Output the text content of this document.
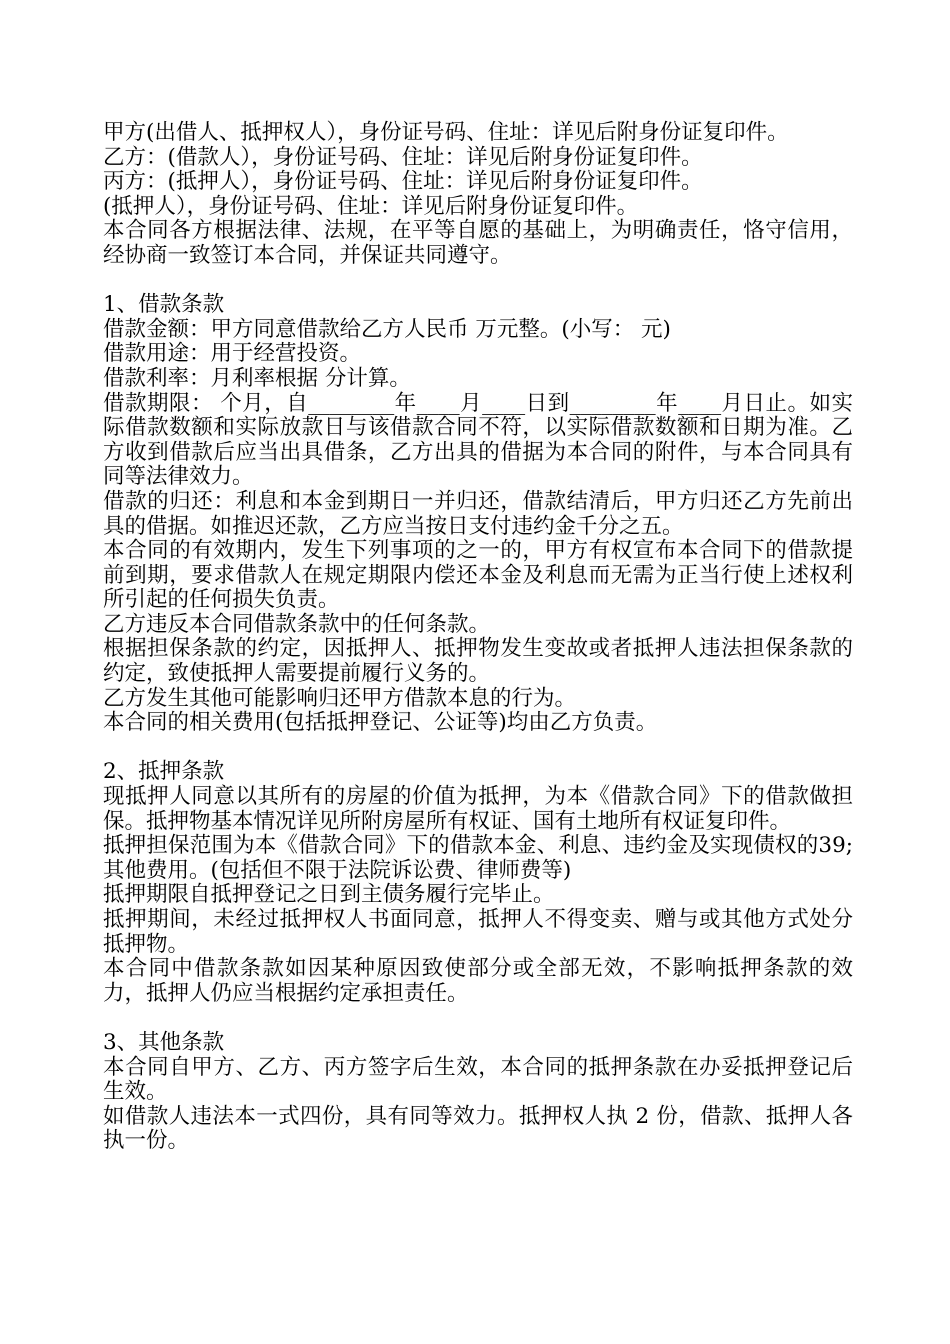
甲方(出借人、抵押权人），身份证号码、住址：详见后附身份证复印件。

乙方：(借款人），身份证号码、住址：详见后附身份证复印件。

丙方：(抵押人），身份证号码、住址：详见后附身份证复印件。

(抵押人），身份证号码、住址：详见后附身份证复印件。

本合同各方根据法律、法规，在平等自愿的基础上，为明确责任，恪守信用，经协商一致签订本合同，并保证共同遵守。

1、借款条款

借款金额：甲方同意借款给乙方人民币 万元整。(小写： 元)

借款用途：用于经营投资。

借款利率：月利率根据 分计算。

借款期限： 个月，自________年____月____日到________年____月日止。如实际借款数额和实际放款日与该借款合同不符，以实际借款数额和日期为准。乙方收到借款后应当出具借条，乙方出具的借据为本合同的附件，与本合同具有同等法律效力。

借款的归还：利息和本金到期日一并归还，借款结清后，甲方归还乙方先前出具的借据。如推迟还款，乙方应当按日支付违约金千分之五。

本合同的有效期内，发生下列事项的之一的，甲方有权宣布本合同下的借款提前到期，要求借款人在规定期限内偿还本金及利息而无需为正当行使上述权利所引起的任何损失负责。

乙方违反本合同借款条款中的任何条款。

根据担保条款的约定，因抵押人、抵押物发生变故或者抵押人违法担保条款的约定，致使抵押人需要提前履行义务的。

乙方发生其他可能影响归还甲方借款本息的行为。

本合同的相关费用(包括抵押登记、公证等)均由乙方负责。

2、抵押条款

现抵押人同意以其所有的房屋的价值为抵押，为本《借款合同》下的借款做担保。抵押物基本情况详见所附房屋所有权证、国有土地所有权证复印件。

抵押担保范围为本《借款合同》下的借款本金、利息、违约金及实现债权的39;其他费用。(包括但不限于法院诉讼费、律师费等)

抵押期限自抵押登记之日到主债务履行完毕止。

抵押期间，未经过抵押权人书面同意，抵押人不得变卖、赠与或其他方式处分抵押物。

本合同中借款条款如因某种原因致使部分或全部无效，不影响抵押条款的效力，抵押人仍应当根据约定承担责任。

3、其他条款

本合同自甲方、乙方、丙方签字后生效，本合同的抵押条款在办妥抵押登记后生效。

如借款人违法本一式四份，具有同等效力。抵押权人执 2 份，借款、抵押人各执一份。
